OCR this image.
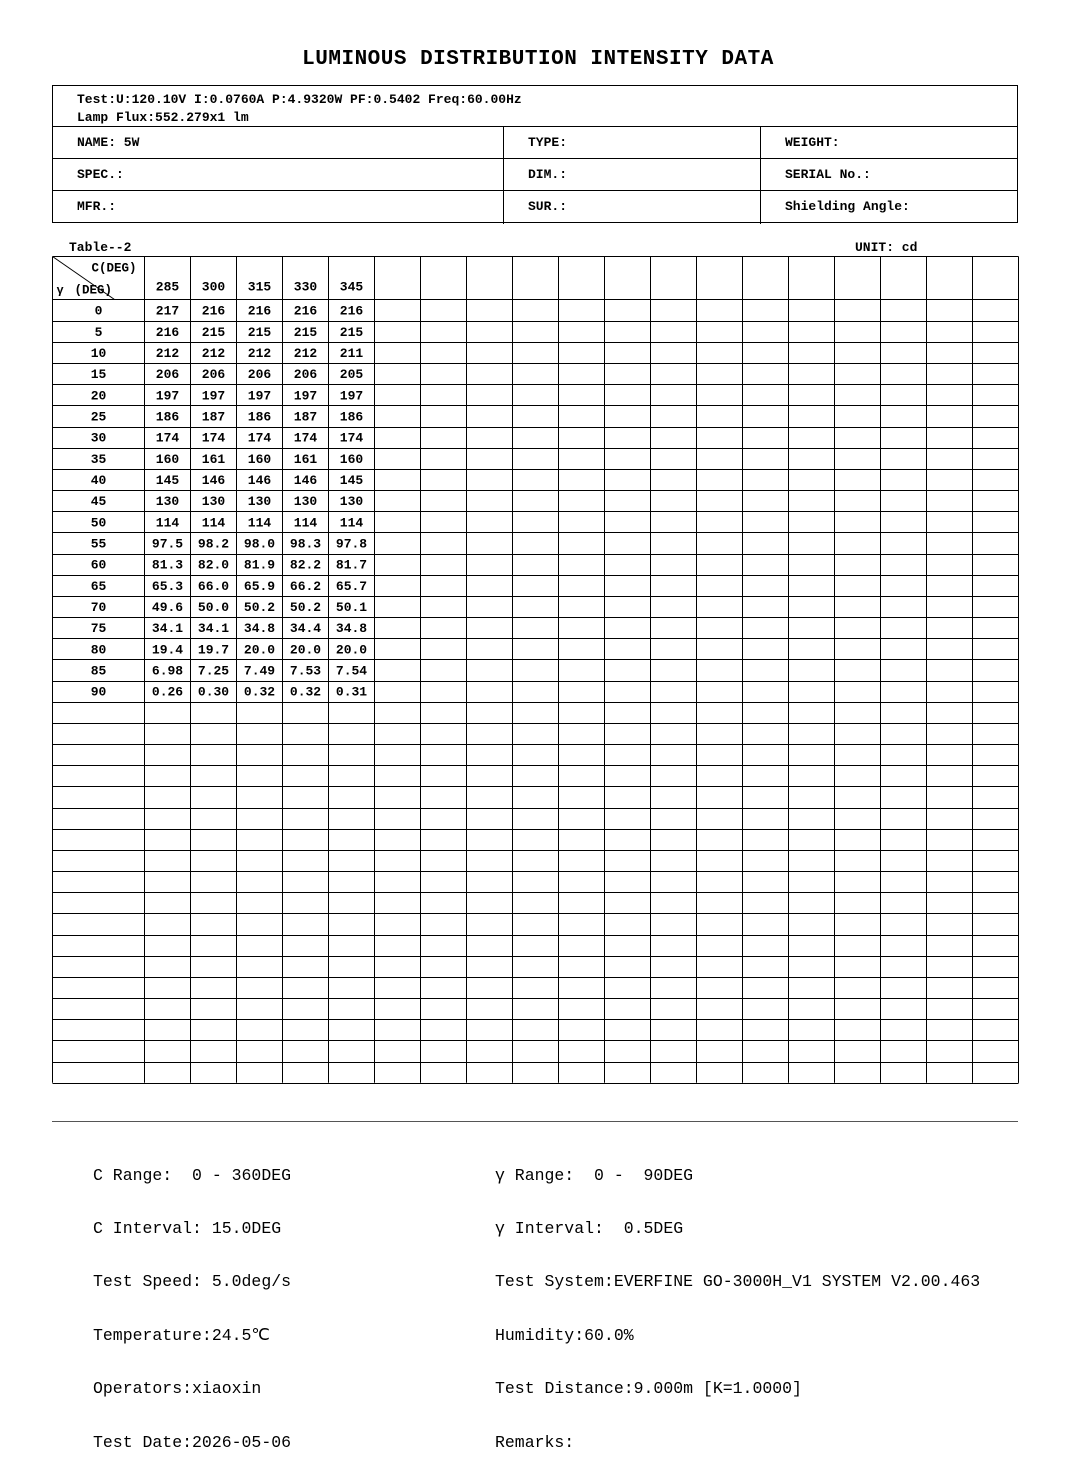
LUMINOUS DISTRIBUTION INTENSITY DATA
Test:U:120.10V I:0.0760A P:4.9320W PF:0.5402 Freq:60.00Hz
Lamp Flux:552.279x1 lm
NAME: 5W	TYPE:	WEIGHT:
SPEC.:	DIM.:	SERIAL No.:
MFR.:	SUR.:	Shielding Angle:
Table--2	UNIT: cd
C(DEG)
γ (DEG)	285 300 315 330 345
0	217 216 216 216 216
5	216 215 215 215 215
10	212 212 212 212 211
15	206 206 206 206 205
20	197 197 197 197 197
25	186 187 186 187 186
30	174 174 174 174 174
35	160 161 160 161 160
40	145 146 146 146 145
45	130 130 130 130 130
50	114 114 114 114 114
55	97.5 98.2 98.0 98.3 97.8
60	81.3 82.0 81.9 82.2 81.7
65	65.3 66.0 65.9 66.2 65.7
70	49.6 50.0 50.2 50.2 50.1
75	34.1 34.1 34.8 34.4 34.8
80	19.4 19.7 20.0 20.0 20.0
85	6.98 7.25 7.49 7.53 7.54
90	0.26 0.30 0.32 0.32 0.31

C Range:  0 - 360DEG

C Interval: 15.0DEG

Test Speed: 5.0deg/s

Temperature:24.5℃

Operators:xiaoxin

Test Date:2026-05-06

γ Range:  0 -  90DEG

γ Interval:  0.5DEG

Test System:EVERFINE GO-3000H_V1 SYSTEM V2.00.463

Humidity:60.0%

Test Distance:9.000m [K=1.0000]

Remarks:
